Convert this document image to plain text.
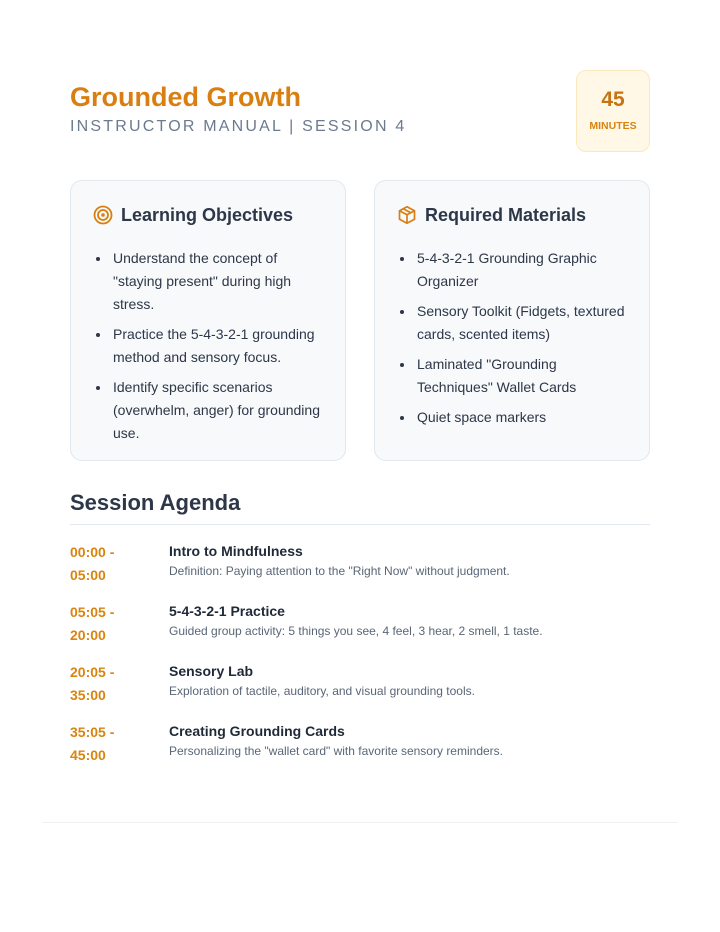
Grounded Growth
INSTRUCTOR MANUAL | SESSION 4
45
MINUTES
Learning Objectives
• Understand the concept of "staying present" during high stress.
• Practice the 5-4-3-2-1 grounding method and sensory focus.
• Identify specific scenarios (overwhelm, anger) for grounding use.
Required Materials
• 5-4-3-2-1 Grounding Graphic Organizer
• Sensory Toolkit (Fidgets, textured cards, scented items)
• Laminated "Grounding Techniques" Wallet Cards
• Quiet space markers
Session Agenda
00:00 - 05:00
Intro to Mindfulness
Definition: Paying attention to the "Right Now" without judgment.
05:05 - 20:00
5-4-3-2-1 Practice
Guided group activity: 5 things you see, 4 feel, 3 hear, 2 smell, 1 taste.
20:05 - 35:00
Sensory Lab
Exploration of tactile, auditory, and visual grounding tools.
35:05 - 45:00
Creating Grounding Cards
Personalizing the "wallet card" with favorite sensory reminders.
